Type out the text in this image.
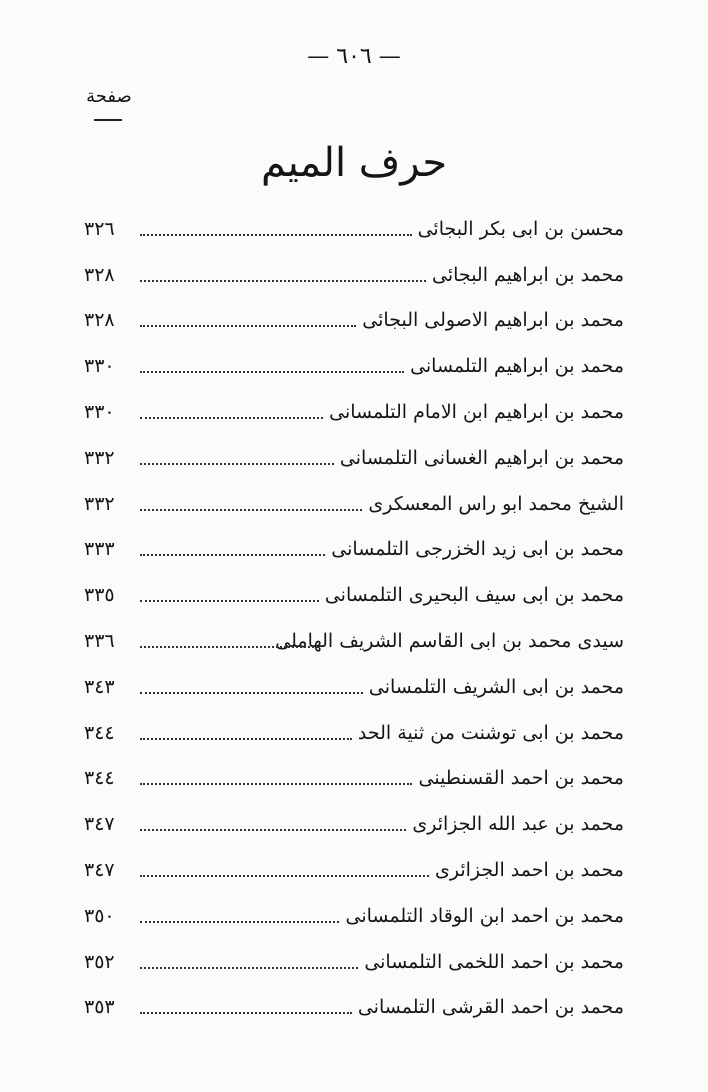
— ٦٠٦ —
صفحة
حرف الميم
٣٢٦	محسن بن ابى بكر البجائى
٣٢٨	محمد بن ابراهيم البجائى
٣٢٨	محمد بن ابراهيم الاصولى البجائى
٣٣٠	محمد بن ابراهيم التلمسانى
٣٣٠	محمد بن ابراهيم ابن الامام التلمسانى
٣٣٢	محمد بن ابراهيم الغسانى التلمسانى
٣٣٢	الشيخ محمد ابو راس المعسكرى
٣٣٣	محمد بن ابى زيد الخزرجى التلمسانى
٣٣٥	محمد بن ابى سيف البحيرى التلمسانى
٣٣٦	سيدى محمد بن ابى القاسم الشريف الهاملى
٣٤٣	محمد بن ابى الشريف التلمسانى
٣٤٤	محمد بن ابى توشنت من ثنية الحد
٣٤٤	محمد بن احمد القسنطينى
٣٤٧	محمد بن عبد الله الجزائرى
٣٤٧	محمد بن احمد الجزائرى
٣٥٠	محمد بن احمد ابن الوقاد التلمسانى
٣٥٢	محمد بن احمد اللخمى التلمسانى
٣٥٣	محمد بن احمد القرشى التلمسانى
